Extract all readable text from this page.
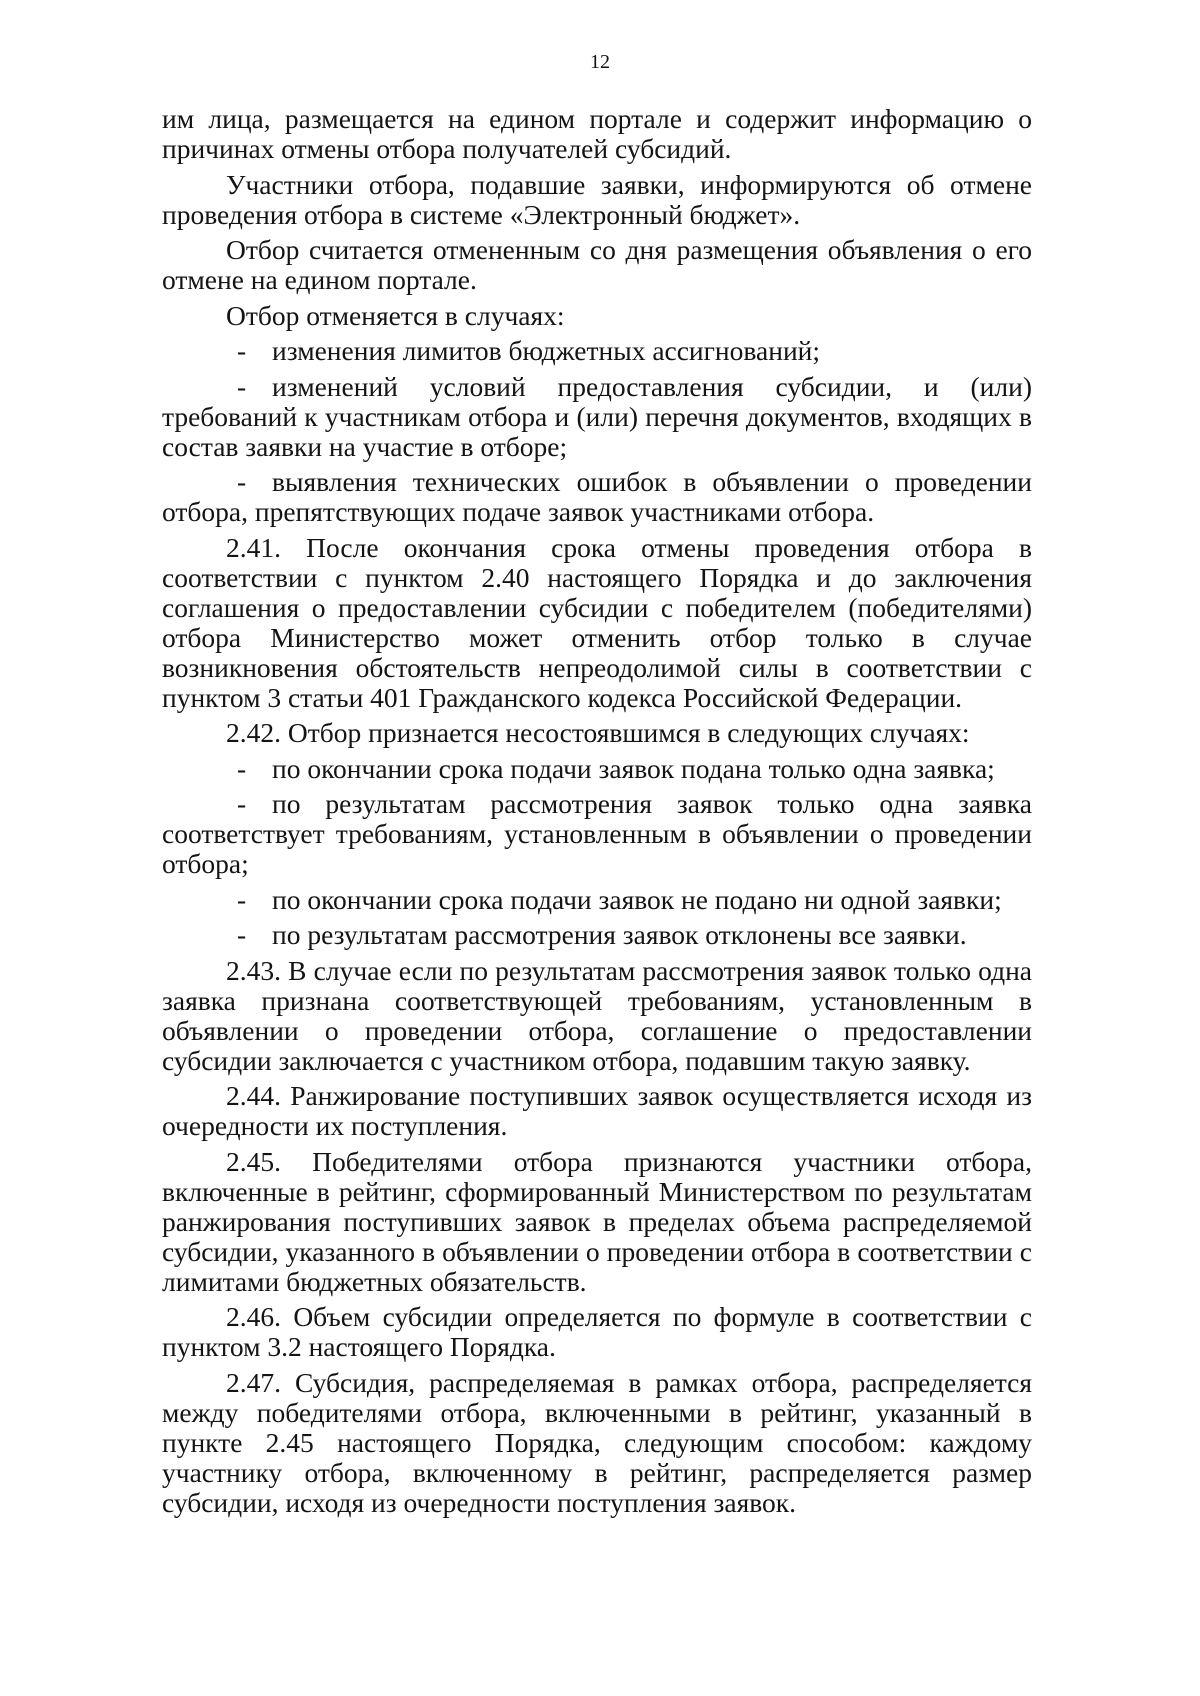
12

им лица, размещается на едином портале и содержит информацию о причинах отмены отбора получателей субсидий.

Участники отбора, подавшие заявки, информируются об отмене проведения отбора в системе «Электронный бюджет».

Отбор считается отмененным со дня размещения объявления о его отмене на едином портале.

Отбор отменяется в случаях:

- изменения лимитов бюджетных ассигнований;

- изменений условий предоставления субсидии, и (или) требований к участникам отбора и (или) перечня документов, входящих в состав заявки на участие в отборе;

- выявления технических ошибок в объявлении о проведении отбора, препятствующих подаче заявок участниками отбора.

2.41. После окончания срока отмены проведения отбора в соответствии с пунктом 2.40 настоящего Порядка и до заключения соглашения о предоставлении субсидии с победителем (победителями) отбора Министерство может отменить отбор только в случае возникновения обстоятельств непреодолимой силы в соответствии с пунктом 3 статьи 401 Гражданского кодекса Российской Федерации.

2.42. Отбор признается несостоявшимся в следующих случаях:

- по окончании срока подачи заявок подана только одна заявка;

- по результатам рассмотрения заявок только одна заявка соответствует требованиям, установленным в объявлении о проведении отбора;

- по окончании срока подачи заявок не подано ни одной заявки;

- по результатам рассмотрения заявок отклонены все заявки.

2.43. В случае если по результатам рассмотрения заявок только одна заявка признана соответствующей требованиям, установленным в объявлении о проведении отбора, соглашение о предоставлении субсидии заключается с участником отбора, подавшим такую заявку.

2.44. Ранжирование поступивших заявок осуществляется исходя из очередности их поступления.

2.45. Победителями отбора признаются участники отбора, включенные в рейтинг, сформированный Министерством по результатам ранжирования поступивших заявок в пределах объема распределяемой субсидии, указанного в объявлении о проведении отбора в соответствии с лимитами бюджетных обязательств.

2.46. Объем субсидии определяется по формуле в соответствии с пунктом 3.2 настоящего Порядка.

2.47. Субсидия, распределяемая в рамках отбора, распределяется между победителями отбора, включенными в рейтинг, указанный в пункте 2.45 настоящего Порядка, следующим способом: каждому участнику отбора, включенному в рейтинг, распределяется размер субсидии, исходя из очередности поступления заявок.
